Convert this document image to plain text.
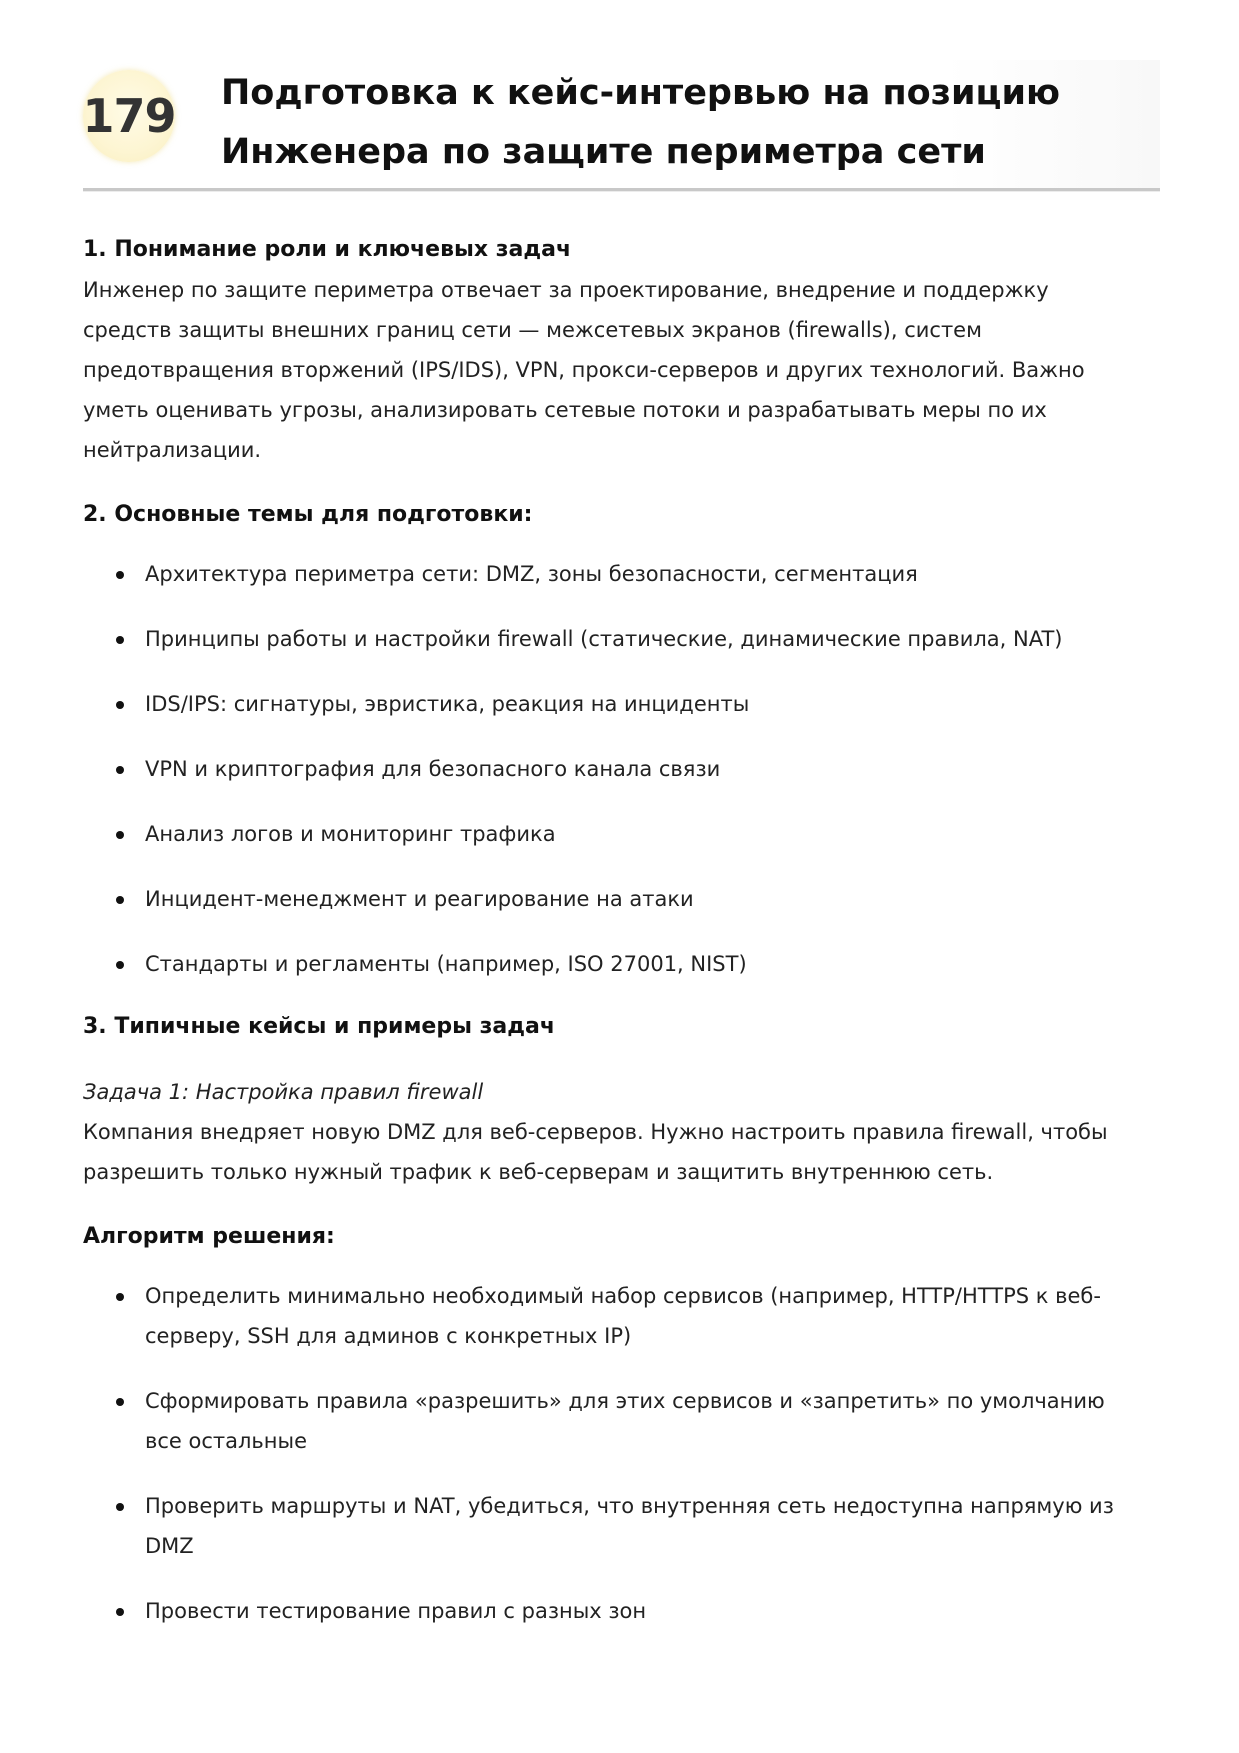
179 Подготовка к кейс-интервью на позицию
Инженера по защите периметра сети

1. Понимание роли и ключевых задач

Инженер по защите периметра отвечает за проектирование, внедрение и поддержку
средств защиты внешних границ сети — межсетевых экранов (firewalls), систем
предотвращения вторжений (IPS/IDS), VPN, прокси-серверов и других технологий. Важно
уметь оценивать угрозы, анализировать сетевые потоки и разрабатывать меры по их
нейтрализации.

2. Основные темы для подготовки:

Архитектура периметра сети: DMZ, зоны безопасности, сегментация
Принципы работы и настройки firewall (статические, динамические правила, NAT)
IDS/IPS: сигнатуры, эвристика, реакция на инциденты
VPN и криптография для безопасного канала связи
Анализ логов и мониторинг трафика
Инцидент-менеджмент и реагирование на атаки
Стандарты и регламенты (например, ISO 27001, NIST)

3. Типичные кейсы и примеры задач

Задача 1: Настройка правил firewall

Компания внедряет новую DMZ для веб-серверов. Нужно настроить правила firewall, чтобы
разрешить только нужный трафик к веб-серверам и защитить внутреннюю сеть.

Алгоритм решения:

Определить минимально необходимый набор сервисов (например, HTTP/HTTPS к веб-
серверу, SSH для админов с конкретных IP)
Сформировать правила «разрешить» для этих сервисов и «запретить» по умолчанию
все остальные
Проверить маршруты и NAT, убедиться, что внутренняя сеть недоступна напрямую из
DMZ
Провести тестирование правил с разных зон
